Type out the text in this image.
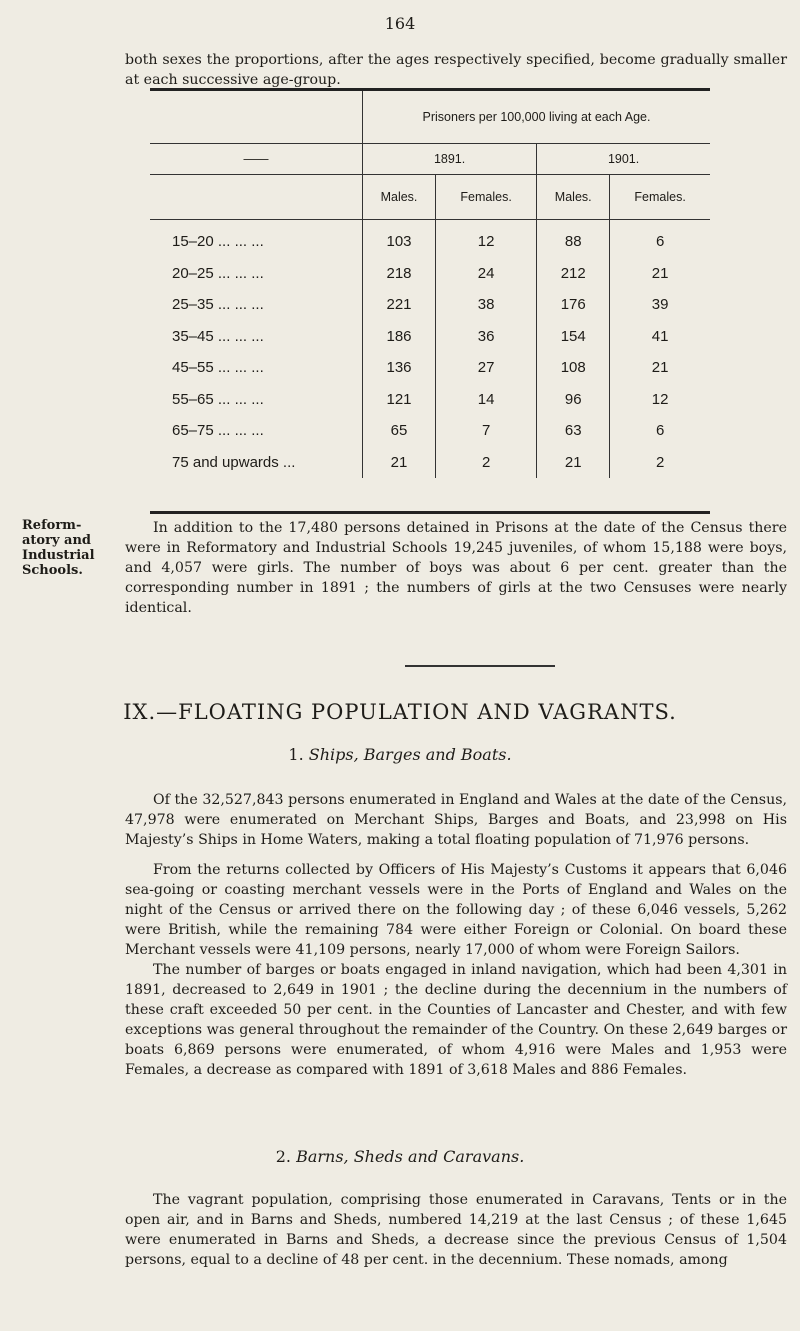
164

both sexes the proportions, after the ages respectively specified, become gradually smaller at each successive age-group.

	Prisoners per 100,000 living at each Age.			
——	1891.		1901.	
	Males.	Females.	Males.	Females.
15–20 ... ... ...	103	12	88	6
20–25 ... ... ...	218	24	212	21
25–35 ... ... ...	221	38	176	39
35–45 ... ... ...	186	36	154	41
45–55 ... ... ...	136	27	108	21
55–65 ... ... ...	121	14	96	12
65–75 ... ... ...	65	7	63	6
75 and upwards ...	21	2	21	2
Reform-atory and Industrial Schools.

In addition to the 17,480 persons detained in Prisons at the date of the Census there were in Reformatory and Industrial Schools 19,245 juveniles, of whom 15,188 were boys, and 4,057 were girls. The number of boys was about 6 per cent. greater than the corresponding number in 1891 ; the numbers of girls at the two Censuses were nearly identical.

IX.—FLOATING POPULATION AND VAGRANTS.
1. Ships, Barges and Boats.

Of the 32,527,843 persons enumerated in England and Wales at the date of the Census, 47,978 were enumerated on Merchant Ships, Barges and Boats, and 23,998 on His Majesty’s Ships in Home Waters, making a total floating population of 71,976 persons.

From the returns collected by Officers of His Majesty’s Customs it appears that 6,046 sea-going or coasting merchant vessels were in the Ports of England and Wales on the night of the Census or arrived there on the following day ; of these 6,046 vessels, 5,262 were British, while the remaining 784 were either Foreign or Colonial. On board these Merchant vessels were 41,109 persons, nearly 17,000 of whom were Foreign Sailors.

The number of barges or boats engaged in inland navigation, which had been 4,301 in 1891, decreased to 2,649 in 1901 ; the decline during the decennium in the numbers of these craft exceeded 50 per cent. in the Counties of Lancaster and Chester, and with few exceptions was general throughout the remainder of the Country. On these 2,649 barges or boats 6,869 persons were enumerated, of whom 4,916 were Males and 1,953 were Females, a decrease as compared with 1891 of 3,618 Males and 886 Females.

2. Barns, Sheds and Caravans.

The vagrant population, comprising those enumerated in Caravans, Tents or in the open air, and in Barns and Sheds, numbered 14,219 at the last Census ; of these 1,645 were enumerated in Barns and Sheds, a decrease since the previous Census of 1,504 persons, equal to a decline of 48 per cent. in the decennium. These nomads, among
